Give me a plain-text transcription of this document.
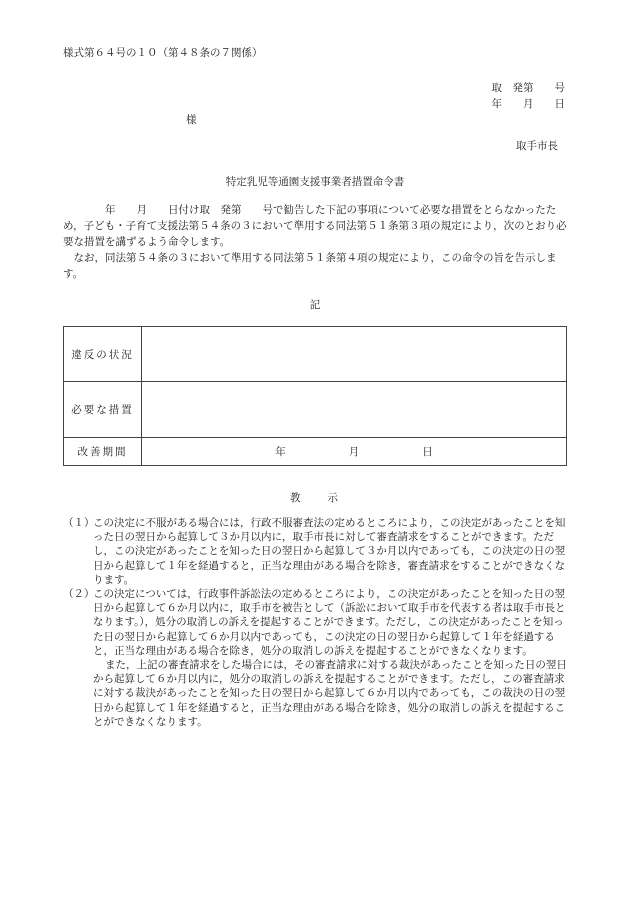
様式第６４号の１０（第４８条の７関係）
取　発第　　号
年　　月　　日
様
取手市長
特定乳児等通園支援事業者措置命令書
　　　　年　　月　　日付け取　発第　　号で勧告した下記の事項について必要な措置をとらなかったため，子ども・子育て支援法第５４条の３において準用する同法第５１条第３項の規定により，次のとおり必要な措置を講ずるよう命令します。
　なお，同法第５４条の３において準用する同法第５１条第４項の規定により，この命令の旨を告示します。
記
違反の状況	
必要な措置	
改善期間	年　　　　　　月　　　　　　日
教　　示
（１）
この決定に不服がある場合には，行政不服審査法の定めるところにより，この決定があったことを知った日の翌日から起算して３か月以内に，取手市長に対して審査請求をすることができます。ただし，この決定があったことを知った日の翌日から起算して３か月以内であっても，この決定の日の翌日から起算して１年を経過すると，正当な理由がある場合を除き，審査請求をすることができなくなります。
（２）
この決定については，行政事件訴訟法の定めるところにより，この決定があったことを知った日の翌日から起算して６か月以内に，取手市を被告として（訴訟において取手市を代表する者は取手市長となります。），処分の取消しの訴えを提起することができます。ただし，この決定があったことを知った日の翌日から起算して６か月以内であっても，この決定の日の翌日から起算して１年を経過すると，正当な理由がある場合を除き，処分の取消しの訴えを提起することができなくなります。
また，上記の審査請求をした場合には，その審査請求に対する裁決があったことを知った日の翌日から起算して６か月以内に，処分の取消しの訴えを提起することができます。ただし，この審査請求に対する裁決があったことを知った日の翌日から起算して６か月以内であっても，この裁決の日の翌日から起算して１年を経過すると，正当な理由がある場合を除き，処分の取消しの訴えを提起することができなくなります。
